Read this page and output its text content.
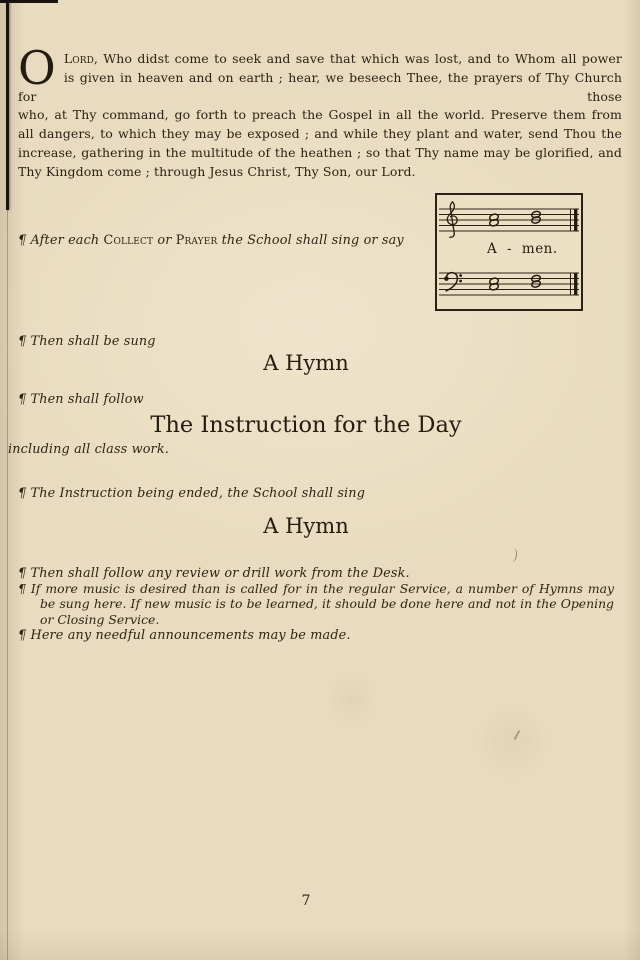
O Lord, Who didst come to seek and save that which was lost, and to Whom all power
is given in heaven and on earth ; hear, we beseech Thee, the prayers of Thy Church for those
who, at Thy command, go forth to preach the Gospel in all the world. Preserve them from
all dangers, to which they may be exposed ; and while they plant and water, send Thou the
increase, gathering in the multitude of the heathen ; so that Thy name may be glorified, and
Thy Kingdom come ; through Jesus Christ, Thy Son, our Lord.
¶ After each Collect or Prayer the School shall sing or say
A - men.
¶ Then shall be sung
A Hymn
¶ Then shall follow
The Instruction for the Day
including all class work.
¶ The Instruction being ended, the School shall sing
A Hymn
¶ Then shall follow any review or drill work from the Desk.
¶ If more music is desired than is called for in the regular Service, a number of Hymns may
be sung here. If new music is to be learned, it should be done here and not in the Opening
or Closing Service.
¶ Here any needful announcements may be made.
7
